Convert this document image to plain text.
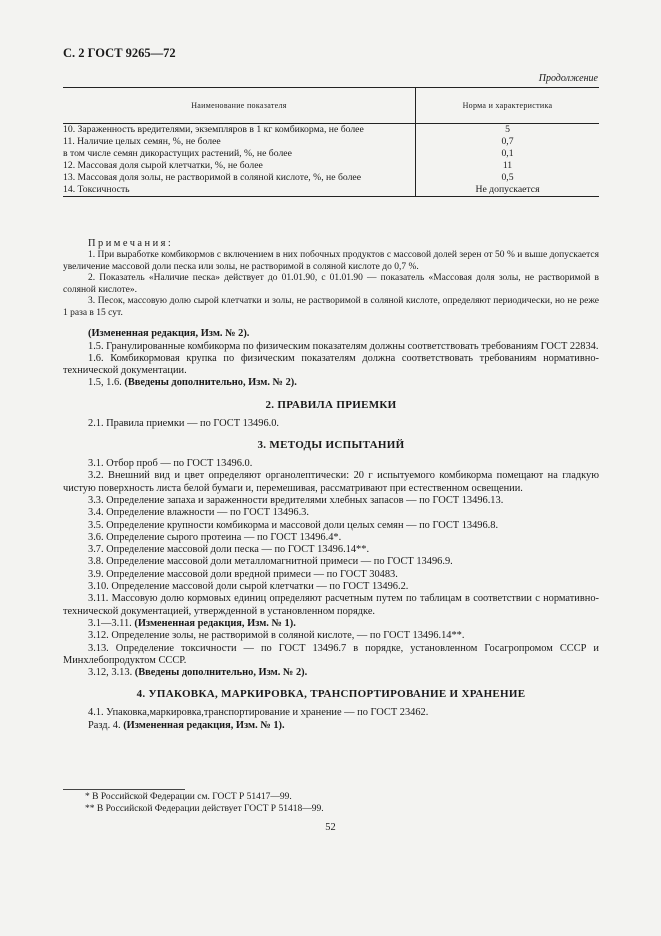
С. 2 ГОСТ 9265—72
Продолжение
Наименование показателя	Норма и характеристика
10. Зараженность вредителями, экземпляров в 1 кг комбикорма, не более	5
11. Наличие целых семян, %, не более	0,7
в том числе семян дикорастущих растений, %, не более	0,1
12. Массовая доля сырой клетчатки, %, не более	11
13. Массовая доля золы, не растворимой в соляной кислоте, %, не более	0,5
14. Токсичность	Не допускается

Примечания:

1. При выработке комбикормов с включением в них побочных продуктов с массовой долей зерен от 50 % и выше допускается увеличение массовой доли песка или золы, не растворимой в соляной кислоте до 0,7 %.

2. Показатель «Наличие песка» действует до 01.01.90, с 01.01.90 — показатель «Массовая доля золы, не растворимой в соляной кислоте».

3. Песок, массовую долю сырой клетчатки и золы, не растворимой в соляной кислоте, определяют периодически, но не реже 1 раза в 15 сут.

(Измененная редакция, Изм. № 2).

1.5. Гранулированные комбикорма по физическим показателям должны соответствовать требованиям ГОСТ 22834.

1.6. Комбикормовая крупка по физическим показателям должна соответствовать требованиям нормативно-технической документации.

1.5, 1.6. (Введены дополнительно, Изм. № 2).

2. ПРАВИЛА ПРИЕМКИ

2.1. Правила приемки — по ГОСТ 13496.0.

3. МЕТОДЫ ИСПЫТАНИЙ

3.1. Отбор проб — по ГОСТ 13496.0.

3.2. Внешний вид и цвет определяют органолептически: 20 г испытуемого комбикорма помещают на гладкую чистую поверхность листа белой бумаги и, перемешивая, рассматривают при естественном освещении.

3.3. Определение запаха и зараженности вредителями хлебных запасов — по ГОСТ 13496.13.

3.4. Определение влажности — по ГОСТ 13496.3.

3.5. Определение крупности комбикорма и массовой доли целых семян — по ГОСТ 13496.8.

3.6. Определение сырого протеина — по ГОСТ 13496.4*.

3.7. Определение массовой доли песка — по ГОСТ 13496.14**.

3.8. Определение массовой доли металломагнитной примеси — по ГОСТ 13496.9.

3.9. Определение массовой доли вредной примеси — по ГОСТ 30483.

3.10. Определение массовой доли сырой клетчатки — по ГОСТ 13496.2.

3.11. Массовую долю кормовых единиц определяют расчетным путем по таблицам в соответствии с нормативно-технической документацией, утвержденной в установленном порядке.

3.1—3.11. (Измененная редакция, Изм. № 1).

3.12. Определение золы, не растворимой в соляной кислоте, — по ГОСТ 13496.14**.

3.13. Определение токсичности — по ГОСТ 13496.7 в порядке, установленном Госагропромом СССР и Минхлебопродуктом СССР.

3.12, 3.13. (Введены дополнительно, Изм. № 2).

4. УПАКОВКА, МАРКИРОВКА, ТРАНСПОРТИРОВАНИЕ И ХРАНЕНИЕ

4.1. Упаковка,маркировка,транспортирование и хранение — по ГОСТ 23462.

Разд. 4. (Измененная редакция, Изм. № 1).

* В Российской Федерации см. ГОСТ Р 51417—99.
** В Российской Федерации действует ГОСТ Р 51418—99.
52
